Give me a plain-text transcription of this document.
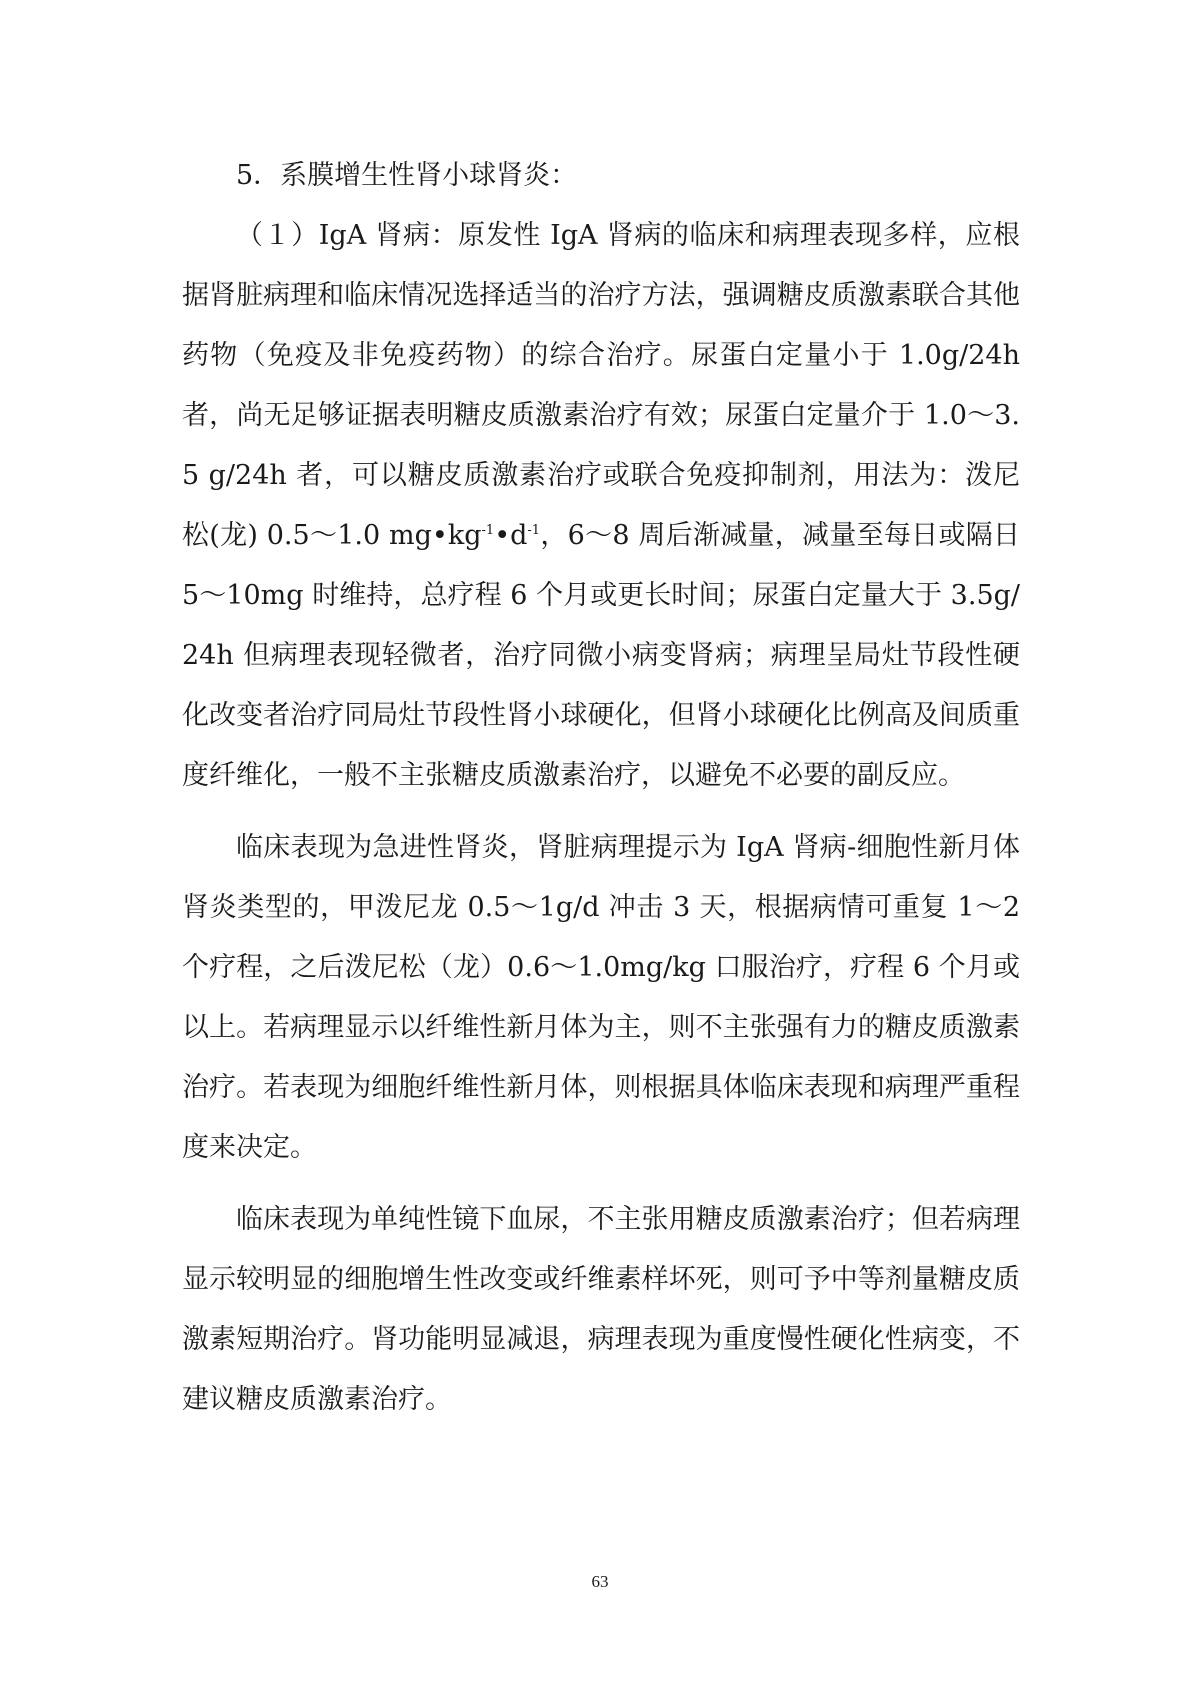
5．系膜增生性肾小球肾炎：

（１）IgA 肾病：原发性 IgA 肾病的临床和病理表现多样，应根据肾脏病理和临床情况选择适当的治疗方法，强调糖皮质激素联合其他药物（免疫及非免疫药物）的综合治疗。尿蛋白定量小于 1.0g/24h 者，尚无足够证据表明糖皮质激素治疗有效；尿蛋白定量介于 1.0～3.5 g/24h 者，可以糖皮质激素治疗或联合免疫抑制剂，用法为：泼尼松(龙) 0.5～1.0 $mg•kg^{-1}•d^{-1}$，6～8 周后渐减量，减量至每日或隔日 5～10mg 时维持，总疗程 6 个月或更长时间；尿蛋白定量大于 3.5g/24h 但病理表现轻微者，治疗同微小病变肾病；病理呈局灶节段性硬化改变者治疗同局灶节段性肾小球硬化，但肾小球硬化比例高及间质重度纤维化，一般不主张糖皮质激素治疗，以避免不必要的副反应。

临床表现为急进性肾炎，肾脏病理提示为 IgA 肾病-细胞性新月体肾炎类型的，甲泼尼龙 0.5～1g/d 冲击 3 天，根据病情可重复 1～2 个疗程，之后泼尼松（龙）0.6～1.0mg/kg 口服治疗，疗程 6 个月或以上。若病理显示以纤维性新月体为主，则不主张强有力的糖皮质激素治疗。若表现为细胞纤维性新月体，则根据具体临床表现和病理严重程度来决定。

临床表现为单纯性镜下血尿，不主张用糖皮质激素治疗；但若病理显示较明显的细胞增生性改变或纤维素样坏死，则可予中等剂量糖皮质激素短期治疗。肾功能明显减退，病理表现为重度慢性硬化性病变，不建议糖皮质激素治疗。

63
